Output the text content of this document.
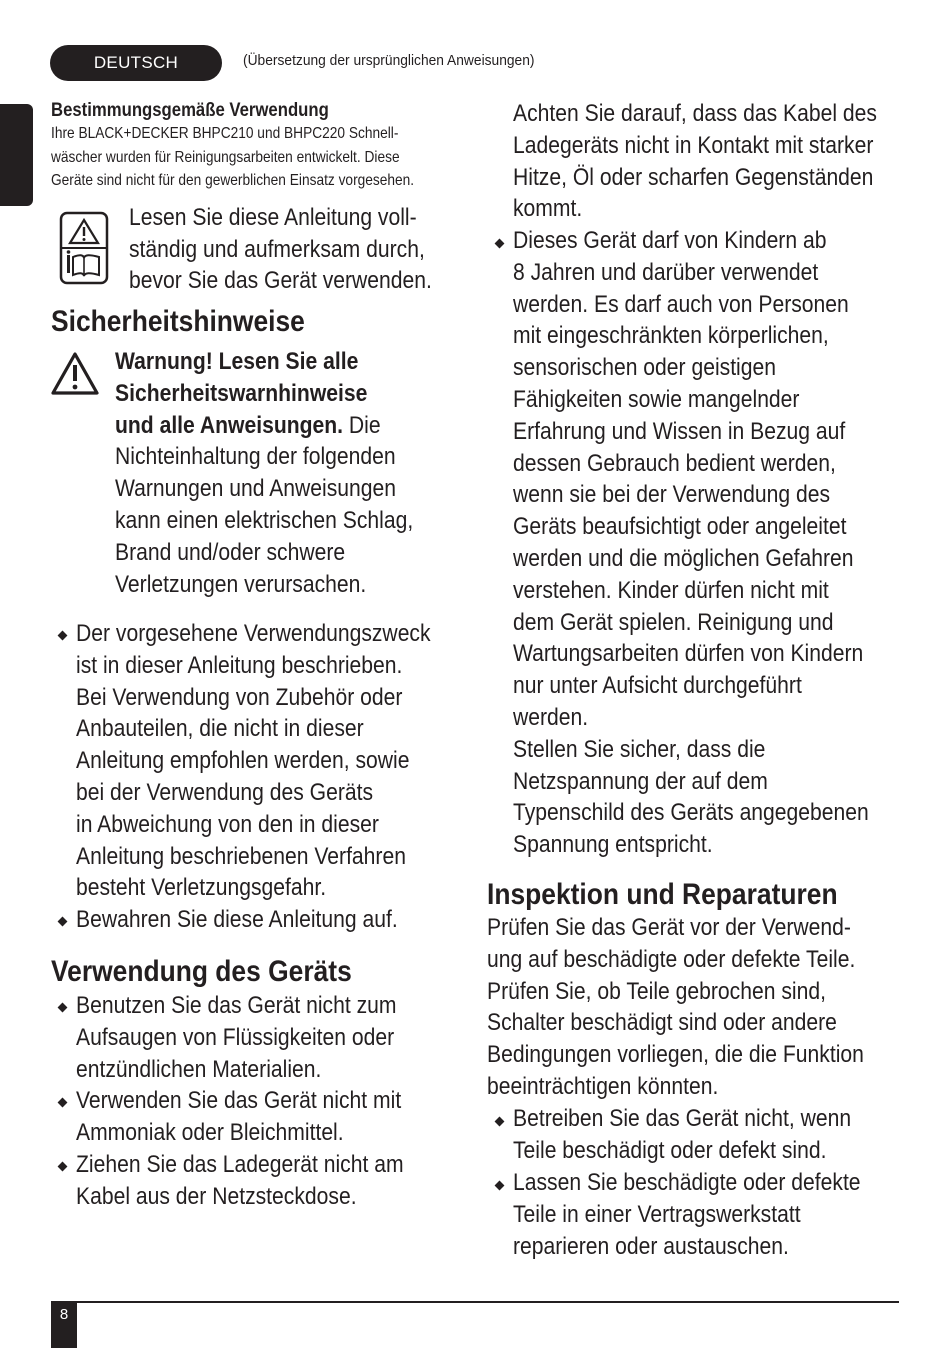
DEUTSCH	(Übersetzung der ursprünglichen Anweisungen)
Bestimmungsgemäße Verwendung
Ihre BLACK+DECKER BHPC210 und BHPC220 Schnell-
wäscher wurden für Reinigungsarbeiten entwickelt. Diese
Geräte sind nicht für den gewerblichen Einsatz vorgesehen.
Lesen Sie diese Anleitung voll-
ständig und aufmerksam durch,
bevor Sie das Gerät verwenden.
Sicherheitshinweise
Warnung! Lesen Sie alle
Sicherheitswarnhinweise
und alle Anweisungen. Die
Nichteinhaltung der folgenden
Warnungen und Anweisungen
kann einen elektrischen Schlag,
Brand und/oder schwere
Verletzungen verursachen.
Der vorgesehene Verwendungszweck
ist in dieser Anleitung beschrieben.
Bei Verwendung von Zubehör oder
Anbauteilen, die nicht in dieser
Anleitung empfohlen werden, sowie
bei der Verwendung des Geräts
in Abweichung von den in dieser
Anleitung beschriebenen Verfahren
besteht Verletzungsgefahr.
Bewahren Sie diese Anleitung auf.
Verwendung des Geräts
Benutzen Sie das Gerät nicht zum
Aufsaugen von Flüssigkeiten oder
entzündlichen Materialien.
Verwenden Sie das Gerät nicht mit
Ammoniak oder Bleichmittel.
Ziehen Sie das Ladegerät nicht am
Kabel aus der Netzsteckdose.
Achten Sie darauf, dass das Kabel des
Ladegeräts nicht in Kontakt mit starker
Hitze, Öl oder scharfen Gegenständen
kommt.
Dieses Gerät darf von Kindern ab
8 Jahren und darüber verwendet
werden. Es darf auch von Personen
mit eingeschränkten körperlichen,
sensorischen oder geistigen
Fähigkeiten sowie mangelnder
Erfahrung und Wissen in Bezug auf
dessen Gebrauch bedient werden,
wenn sie bei der Verwendung des
Geräts beaufsichtigt oder angeleitet
werden und die möglichen Gefahren
verstehen. Kinder dürfen nicht mit
dem Gerät spielen. Reinigung und
Wartungsarbeiten dürfen von Kindern
nur unter Aufsicht durchgeführt
werden.
Stellen Sie sicher, dass die
Netzspannung der auf dem
Typenschild des Geräts angegebenen
Spannung entspricht.
Inspektion und Reparaturen
Prüfen Sie das Gerät vor der Verwend-
ung auf beschädigte oder defekte Teile.
Prüfen Sie, ob Teile gebrochen sind,
Schalter beschädigt sind oder andere
Bedingungen vorliegen, die die Funktion
beeinträchtigen könnten.
Betreiben Sie das Gerät nicht, wenn
Teile beschädigt oder defekt sind.
Lassen Sie beschädigte oder defekte
Teile in einer Vertragswerkstatt
reparieren oder austauschen.
8
